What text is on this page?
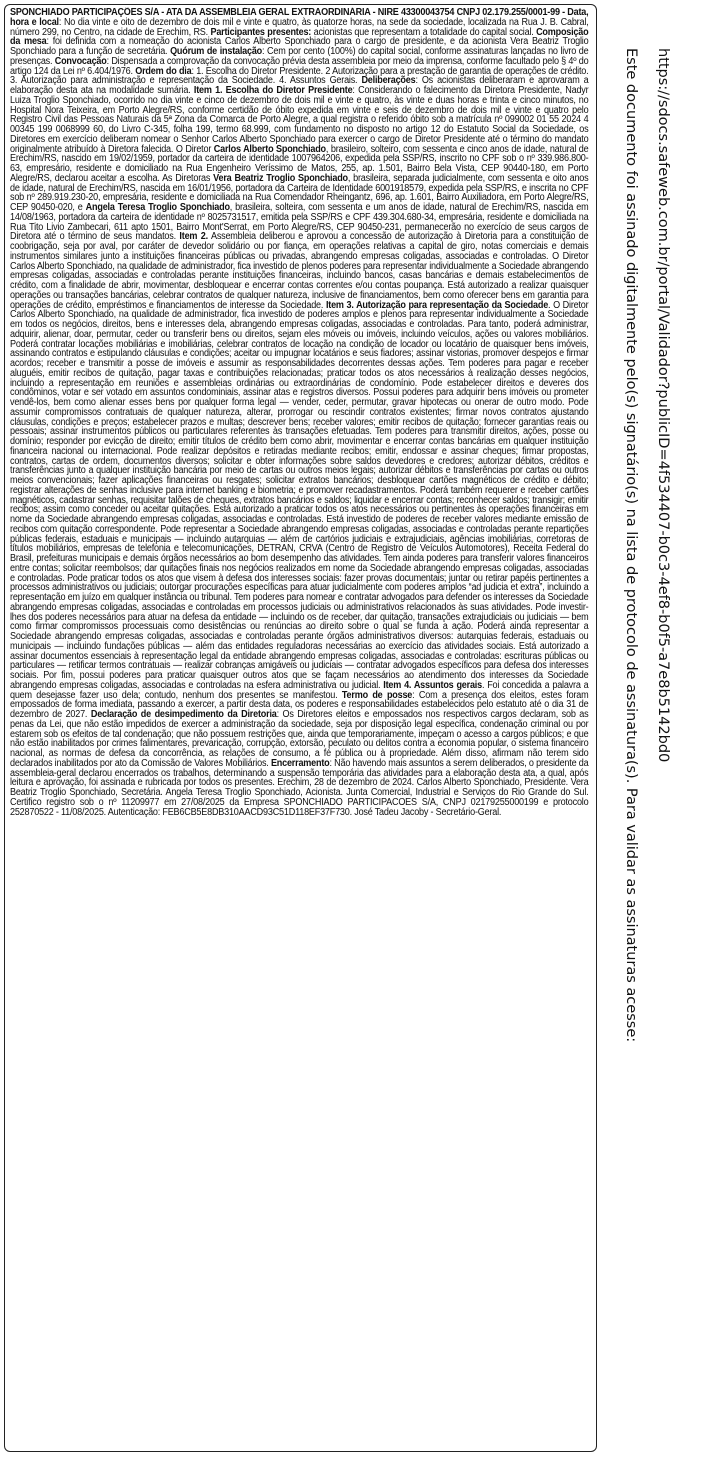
SPONCHIADO PARTICIPAÇÕES S/A - ATA DA ASSEMBLÉIA GERAL EXTRAORDINÁRIA - NIRE 43300043754 CNPJ 02.179.255/0001-99 - Data, hora e local: No dia vinte e oito de dezembro de dois mil e vinte e quatro, às quatorze horas, na sede da sociedade, localizada na Rua J. B. Cabral, número 299, no Centro, na cidade de Erechim, RS. Participantes presentes: acionistas que representam a totalidade do capital social. Composição da mesa: foi definida com a nomeação do acionista Carlos Alberto Sponchiado para o cargo de presidente, e da acionista Vera Beatriz Troglio Sponchiado para a função de secretária. Quórum de instalação: Cem por cento (100%) do capital social, conforme assinaturas lançadas no livro de presenças. Convocação: Dispensada a comprovação da convocação prévia desta assembleia por meio da imprensa, conforme facultado pelo § 4º do artigo 124 da Lei nº 6.404/1976. Ordem do dia: 1. Escolha do Diretor Presidente. 2 Autorização para a prestação de garantia de operações de crédito. 3. Autorização para administração e representação da Sociedade. 4. Assuntos Gerais. Deliberações: Os acionistas deliberaram e aprovaram a elaboração desta ata na modalidade sumária. Item 1. Escolha do Diretor Presidente: Considerando o falecimento da Diretora Presidente, Nadyr Luiza Troglio Sponchiado, ocorrido no dia vinte e cinco de dezembro de dois mil e vinte e quatro, às vinte e duas horas e trinta e cinco minutos, no Hospital Nora Teixeira, em Porto Alegre/RS, conforme certidão de óbito expedida em vinte e seis de dezembro de dois mil e vinte e quatro pelo Registro Civil das Pessoas Naturais da 5ª Zona da Comarca de Porto Alegre, a qual registra o referido óbito sob a matrícula nº 099002 01 55 2024 4 00345 199 0068999 60, do Livro C-345, folha 199, termo 68.999, com fundamento no disposto no artigo 12 do Estatuto Social da Sociedade, os Diretores em exercício deliberam nomear o Senhor Carlos Alberto Sponchiado para exercer o cargo de Diretor Presidente até o término do mandato originalmente atribuído à Diretora falecida. O Diretor Carlos Alberto Sponchiado, brasileiro, solteiro, com sessenta e cinco anos de idade, natural de Erechim/RS, nascido em 19/02/1959, portador da carteira de identidade 1007964206, expedida pela SSP/RS, inscrito no CPF sob o nº 339.986.800-63, empresário, residente e domiciliado na Rua Engenheiro Veríssimo de Matos, 255, ap. 1.501, Bairro Bela Vista, CEP 90440-180, em Porto Alegre/RS, declarou aceitar a escolha. As Diretoras Vera Beatriz Troglio Sponchiado, brasileira, separada judicialmente, com sessenta e oito anos de idade, natural de Erechim/RS, nascida em 16/01/1956, portadora da Carteira de Identidade 6001918579, expedida pela SSP/RS, e inscrita no CPF sob nº 289.919.230-20, empresária, residente e domiciliada na Rua Comendador Rheingantz, 696, ap. 1.601, Bairro Auxiliadora, em Porto Alegre/RS, CEP 90450-020, e Angela Teresa Troglio Sponchiado, brasileira, solteira, com sessenta e um anos de idade, natural de Erechim/RS, nascida em 14/08/1963, portadora da carteira de identidade nº 8025731517, emitida pela SSP/RS e CPF 439.304.680-34, empresária, residente e domiciliada na Rua Tito Livio Zambecari, 611 apto 1501, Bairro Mont'Serrat, em Porto Alegre/RS, CEP 90450-231, permanecerão no exercício de seus cargos de Diretora até o término de seus mandatos. Item 2. Assembleia deliberou e aprovou a concessão de autorização à Diretoria para a constituição de coobrigação, seja por aval, por caráter de devedor solidário ou por fiança, em operações relativas a capital de giro, notas comerciais e demais instrumentos similares junto a instituições financeiras públicas ou privadas, abrangendo empresas coligadas, associadas e controladas. O Diretor Carlos Alberto Sponchiado, na qualidade de administrador, fica investido de plenos poderes para representar individualmente a Sociedade abrangendo empresas coligadas, associadas e controladas perante instituições financeiras, incluindo bancos, casas bancárias e demais estabelecimentos de crédito, com a finalidade de abrir, movimentar, desbloquear e encerrar contas correntes e/ou contas poupança. Está autorizado a realizar quaisquer operações ou transações bancárias, celebrar contratos de qualquer natureza, inclusive de financiamentos, bem como oferecer bens em garantia para operações de crédito, empréstimos e financiamentos de interesse da Sociedade. Item 3. Autorização para representação da Sociedade. O Diretor Carlos Alberto Sponchiado, na qualidade de administrador, fica investido de poderes amplos e plenos para representar individualmente a Sociedade em todos os negócios, direitos, bens e interesses dela, abrangendo empresas coligadas, associadas e controladas. Para tanto, poderá administrar, adquirir, alienar, doar, permutar, ceder ou transferir bens ou direitos, sejam eles móveis ou imóveis, incluindo veículos, ações ou valores mobiliários. Poderá contratar locações mobiliárias e imobiliárias, celebrar contratos de locação na condição de locador ou locatário de quaisquer bens imóveis, assinando contratos e estipulando cláusulas e condições; aceitar ou impugnar locatários e seus fiadores; assinar vistorias, promover despejos e firmar acordos; receber e transmitir a posse de imóveis e assumir as responsabilidades decorrentes dessas ações. Tem poderes para pagar e receber aluguéis, emitir recibos de quitação, pagar taxas e contribuições relacionadas; praticar todos os atos necessários à realização desses negócios, incluindo a representação em reuniões e assembleias ordinárias ou extraordinárias de condomínio. Pode estabelecer direitos e deveres dos condôminos, votar e ser votado em assuntos condominiais, assinar atas e registros diversos. Possui poderes para adquirir bens imóveis ou prometer vendê-los, bem como alienar esses bens por qualquer forma legal — vender, ceder, permutar, gravar hipotecas ou onerar de outro modo. Pode assumir compromissos contratuais de qualquer natureza, alterar, prorrogar ou rescindir contratos existentes; firmar novos contratos ajustando cláusulas, condições e preços; estabelecer prazos e multas; descrever bens; receber valores; emitir recibos de quitação; fornecer garantias reais ou pessoais; assinar instrumentos públicos ou particulares referentes às transações efetuadas. Tem poderes para transmitir direitos, ações, posse ou domínio; responder por evicção de direito; emitir títulos de crédito bem como abrir, movimentar e encerrar contas bancárias em qualquer instituição financeira nacional ou internacional. Pode realizar depósitos e retiradas mediante recibos; emitir, endossar e assinar cheques; firmar propostas, contratos, cartas de ordem, documentos diversos; solicitar e obter informações sobre saldos devedores e credores; autorizar débitos, créditos e transferências junto a qualquer instituição bancária por meio de cartas ou outros meios legais; autorizar débitos e transferências por cartas ou outros meios convencionais; fazer aplicações financeiras ou resgates; solicitar extratos bancários; desbloquear cartões magnéticos de crédito e débito; registrar alterações de senhas inclusive para internet banking e biometria; e promover recadastramentos. Poderá também requerer e receber cartões magnéticos, cadastrar senhas, requisitar talões de cheques, extratos bancários e saldos; liquidar e encerrar contas; reconhecer saldos; transigir; emitir recibos; assim como conceder ou aceitar quitações. Está autorizado a praticar todos os atos necessários ou pertinentes às operações financeiras em nome da Sociedade abrangendo empresas coligadas, associadas e controladas. Está investido de poderes de receber valores mediante emissão de recibos com quitação correspondente. Pode representar a Sociedade abrangendo empresas coligadas, associadas e controladas perante repartições públicas federais, estaduais e municipais — incluindo autarquias — além de cartórios judiciais e extrajudiciais, agências imobiliárias, corretoras de títulos mobiliários, empresas de telefonia e telecomunicações, DETRAN, CRVA (Centro de Registro de Veículos Automotores), Receita Federal do Brasil, prefeituras municipais e demais órgãos necessários ao bom desempenho das atividades. Tem ainda poderes para transferir valores financeiros entre contas; solicitar reembolsos; dar quitações finais nos negócios realizados em nome da Sociedade abrangendo empresas coligadas, associadas e controladas. Pode praticar todos os atos que visem à defesa dos interesses sociais: fazer provas documentais; juntar ou retirar papéis pertinentes a processos administrativos ou judiciais; outorgar procurações específicas para atuar judicialmente com poderes amplos “ad judicia et extra”, incluindo a representação em juízo em qualquer instância ou tribunal. Tem poderes para nomear e contratar advogados para defender os interesses da Sociedade abrangendo empresas coligadas, associadas e controladas em processos judiciais ou administrativos relacionados às suas atividades. Pode investir-lhes dos poderes necessários para atuar na defesa da entidade — incluindo os de receber, dar quitação, transações extrajudiciais ou judiciais — bem como firmar compromissos processuais como desistências ou renúncias ao direito sobre o qual se funda a ação. Poderá ainda representar a Sociedade abrangendo empresas coligadas, associadas e controladas perante órgãos administrativos diversos: autarquias federais, estaduais ou municipais — incluindo fundações públicas — além das entidades reguladoras necessárias ao exercício das atividades sociais. Está autorizado a assinar documentos essenciais à representação legal da entidade abrangendo empresas coligadas, associadas e controladas: escrituras públicas ou particulares — retificar termos contratuais — realizar cobranças amigáveis ou judiciais — contratar advogados específicos para defesa dos interesses sociais. Por fim, possui poderes para praticar quaisquer outros atos que se façam necessários ao atendimento dos interesses da Sociedade abrangendo empresas coligadas, associadas e controladas na esfera administrativa ou judicial. Item 4. Assuntos gerais. Foi concedida a palavra a quem desejasse fazer uso dela; contudo, nenhum dos presentes se manifestou. Termo de posse: Com a presença dos eleitos, estes foram empossados de forma imediata, passando a exercer, a partir desta data, os poderes e responsabilidades estabelecidos pelo estatuto até o dia 31 de dezembro de 2027. Declaração de desimpedimento da Diretoria: Os Diretores eleitos e empossados nos respectivos cargos declaram, sob as penas da Lei, que não estão impedidos de exercer a administração da sociedade, seja por disposição legal específica, condenação criminal ou por estarem sob os efeitos de tal condenação; que não possuem restrições que, ainda que temporariamente, impeçam o acesso a cargos públicos; e que não estão inabilitados por crimes falimentares, prevaricação, corrupção, extorsão, peculato ou delitos contra a economia popular, o sistema financeiro nacional, as normas de defesa da concorrência, as relações de consumo, a fé pública ou à propriedade. Além disso, afirmam não terem sido declarados inabilitados por ato da Comissão de Valores Mobiliários. Encerramento: Não havendo mais assuntos a serem deliberados, o presidente da assembleia-geral declarou encerrados os trabalhos, determinando a suspensão temporária das atividades para a elaboração desta ata, a qual, após leitura e aprovação, foi assinada e rubricada por todos os presentes. Erechim, 28 de dezembro de 2024. Carlos Alberto Sponchiado, Presidente. Vera Beatriz Troglio Sponchiado, Secretária. Angela Teresa Troglio Sponchiado, Acionista. Junta Comercial, Industrial e Serviços do Rio Grande do Sul. Certifico registro sob o nº 11209977 em 27/08/2025 da Empresa SPONCHIADO PARTICIPACOES S/A, CNPJ 02179255000199 e protocolo 252870522 - 11/08/2025. Autenticação: FEB6CB5E8DB310AACD93C51D118EF37F730. José Tadeu Jacoby - Secretário-Geral.	Este documento foi assinado digitalmente pelo(s) signatário(s) na lista de protocolo de assinatura(s). Para validar as assinaturas acesse: https://sdocs.safeweb.com.br/portal/Validador?publicID=4f534407-b0c3-4ef8-b0f5-a7e8b5142bd0
